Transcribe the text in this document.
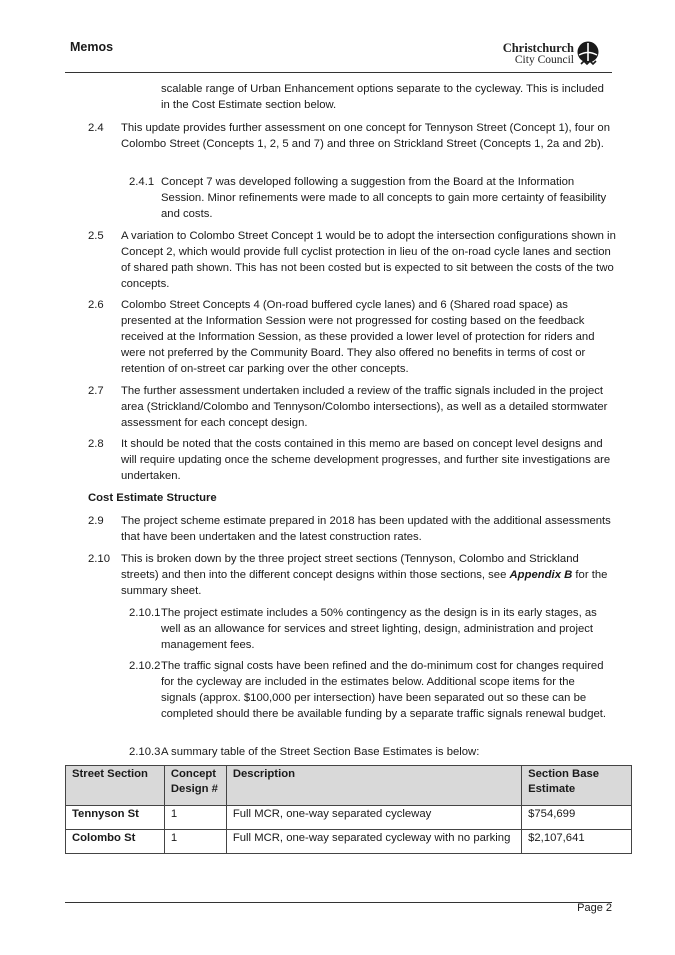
Memos	Christchurch
City Council
scalable range of Urban Enhancement options separate to the cycleway. This is included in the Cost Estimate section below.
2.4 This update provides further assessment on one concept for Tennyson Street (Concept 1), four on Colombo Street (Concepts 1, 2, 5 and 7) and three on Strickland Street (Concepts 1, 2a and 2b).
2.4.1 Concept 7 was developed following a suggestion from the Board at the Information Session. Minor refinements were made to all concepts to gain more certainty of feasibility and costs.
2.5 A variation to Colombo Street Concept 1 would be to adopt the intersection configurations shown in Concept 2, which would provide full cyclist protection in lieu of the on-road cycle lanes and section of shared path shown. This has not been costed but is expected to sit between the costs of the two concepts.
2.6 Colombo Street Concepts 4 (On-road buffered cycle lanes) and 6 (Shared road space) as presented at the Information Session were not progressed for costing based on the feedback received at the Information Session, as these provided a lower level of protection for riders and were not preferred by the Community Board. They also offered no benefits in terms of cost or retention of on-street car parking over the other concepts.
2.7 The further assessment undertaken included a review of the traffic signals included in the project area (Strickland/Colombo and Tennyson/Colombo intersections), as well as a detailed stormwater assessment for each concept design.
2.8 It should be noted that the costs contained in this memo are based on concept level designs and will require updating once the scheme development progresses, and further site investigations are undertaken.
Cost Estimate Structure
2.9 The project scheme estimate prepared in 2018 has been updated with the additional assessments that have been undertaken and the latest construction rates.
2.10 This is broken down by the three project street sections (Tennyson, Colombo and Strickland streets) and then into the different concept designs within those sections, see Appendix B for the summary sheet.
2.10.1 The project estimate includes a 50% contingency as the design is in its early stages, as well as an allowance for services and street lighting, design, administration and project management fees.
2.10.2 The traffic signal costs have been refined and the do-minimum cost for changes required for the cycleway are included in the estimates below. Additional scope items for the signals (approx. $100,000 per intersection) have been separated out so these can be completed should there be available funding by a separate traffic signals renewal budget.
2.10.3 A summary table of the Street Section Base Estimates is below:
Street Section	Concept Design #	Description	Section Base Estimate
Tennyson St	1	Full MCR, one-way separated cycleway	$754,699
Colombo St	1	Full MCR, one-way separated cycleway with no parking	$2,107,641
Page 2
